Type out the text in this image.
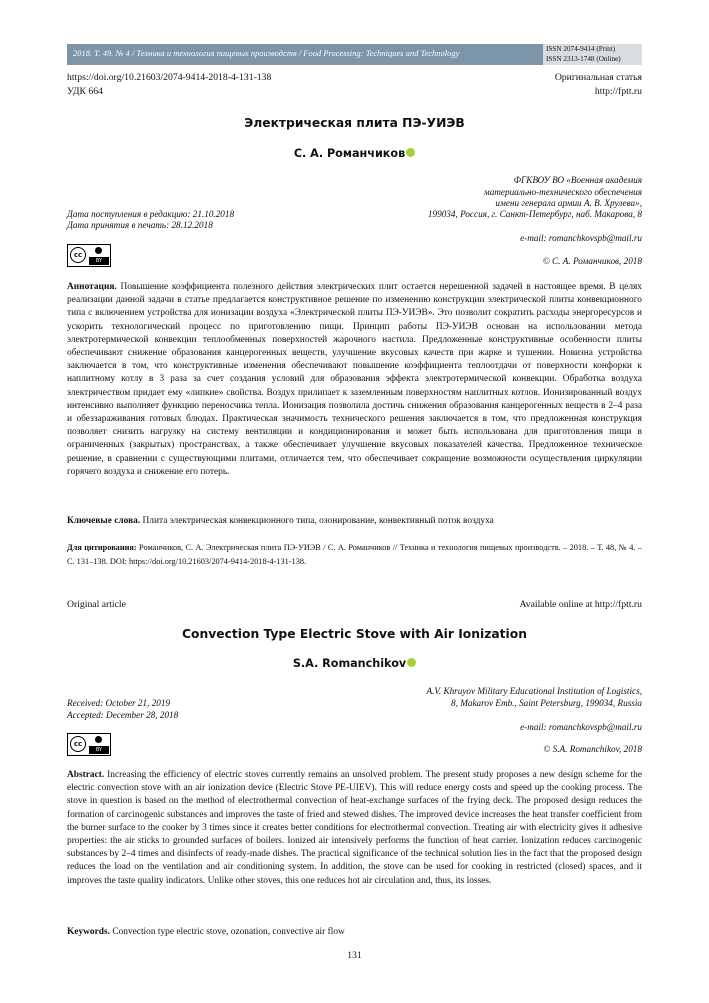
2018. Т. 49. № 4 / Техника и технология пищевых производств / Food Processing: Techniques and Technology	ISSN 2074-9414 (Print)
ISSN 2313-1748 (Online)
https://doi.org/10.21603/2074-9414-2018-4-131-138
УДК 664
Оригинальная статья
http://fptt.ru
Электрическая плита ПЭ-УИЭВ
С. А. Романчиков
ФГКВОУ ВО «Военная академия
материально-технического обеспечения
имени генерала армии А. В. Хрулева»,
199034, Россия, г. Санкт-Петербург, наб. Макарова, 8
Дата поступления в редакцию: 21.10.2018
Дата принятия в печать: 28.12.2018
e-mail: romanchkovspb@mail.ru
cc
BY	© С. А. Романчиков, 2018
Аннотация. Повышение коэффициента полезного действия электрических плит остается нерешенной задачей в настоящее время. В целях реализации данной задачи в статье предлагается конструктивное решение по изменению конструкции электрической плиты конвекционного типа с включением устройства для ионизации воздуха «Электрической плиты ПЭ-УИЭВ». Это позволит сократить расходы энергоресурсов и ускорить технологический процесс по приготовлению пищи. Принцип работы ПЭ-УИЭВ основан на использовании метода электротермической конвекции теплообменных поверхностей жарочного настила. Предложенные конструктивные особенности плиты обеспечивают снижение образования канцерогенных веществ, улучшение вкусовых качеств при жарке и тушении. Новизна устройства заключается в том, что конструктивные изменения обеспечивают повышение коэффициента теплоотдачи от поверхности конфорки к наплитному котлу в 3 раза за счет создания условий для образования эффекта электротермической конвекции. Обработка воздуха электричеством придает ему «липкие» свойства. Воздух прилипает к заземленным поверхностям наплитных котлов. Ионизированный воздух интенсивно выполняет функцию переносчика тепла. Ионизация позволила достичь снижения образования канцерогенных веществ в 2–4 раза и обеззараживания готовых блюдах. Практическая значимость технического решения заключается в том, что предложенная конструкция позволяет снизить нагрузку на систему вентиляции и кондиционирования и может быть использована для приготовления пищи в ограниченных (закрытых) пространствах, а также обеспечивает улучшение вкусовых показателей качества. Предложенное техническое решение, в сравнении с существующими плитами, отличается тем, что обеспечивает сокращение возможности осуществления циркуляции горячего воздуха и снижение его потерь.
Ключевые слова. Плита электрическая конвекционного типа, озонирование, конвективный поток воздуха
Для цитирования: Романчиков, С. А. Электрическая плита ПЭ-УИЭВ / С. А. Романчиков // Техника и технология пищевых производств. – 2018. – Т. 48, № 4. – С. 131–138. DOI: https://doi.org/10.21603/2074-9414-2018-4-131-138.
Original article	Available online at http://fptt.ru
Convection Type Electric Stove with Air Ionization
S.A. Romanchikov
A.V. Khruyov Military Educational Institution of Logistics,
8, Makarov Emb., Saint Petersburg, 199034, Russia
Received: October 21, 2019
Accepted: December 28, 2018
e-mail: romanchkovspb@mail.ru
cc
BY	© S.A. Romanchikov, 2018
Abstract. Increasing the efficiency of electric stoves currently remains an unsolved problem. The present study proposes a new design scheme for the electric convection stove with an air ionization device (Electric Stove PE-UIEV). This will reduce energy costs and speed up the cooking process. The stove in question is based on the method of electrothermal convection of heat-exchange surfaces of the frying deck. The proposed design reduces the formation of carcinogenic substances and improves the taste of fried and stewed dishes. The improved device increases the heat transfer coefficient from the burner surface to the cooker by 3 times since it creates better conditions for electrothermal convection. Treating air with electricity gives it adhesive properties: the air sticks to grounded surfaces of boilers. Ionized air intensively performs the function of heat carrier. Ionization reduces carcinogenic substances by 2–4 times and disinfects of ready-made dishes. The practical significance of the technical solution lies in the fact that the proposed design reduces the load on the ventilation and air conditioning system. In addition, the stove can be used for cooking in restricted (closed) spaces, and it improves the taste quality indicators. Unlike other stoves, this one reduces hot air circulation and, thus, its losses.
Keywords. Convection type electric stove, ozonation, convective air flow
131
